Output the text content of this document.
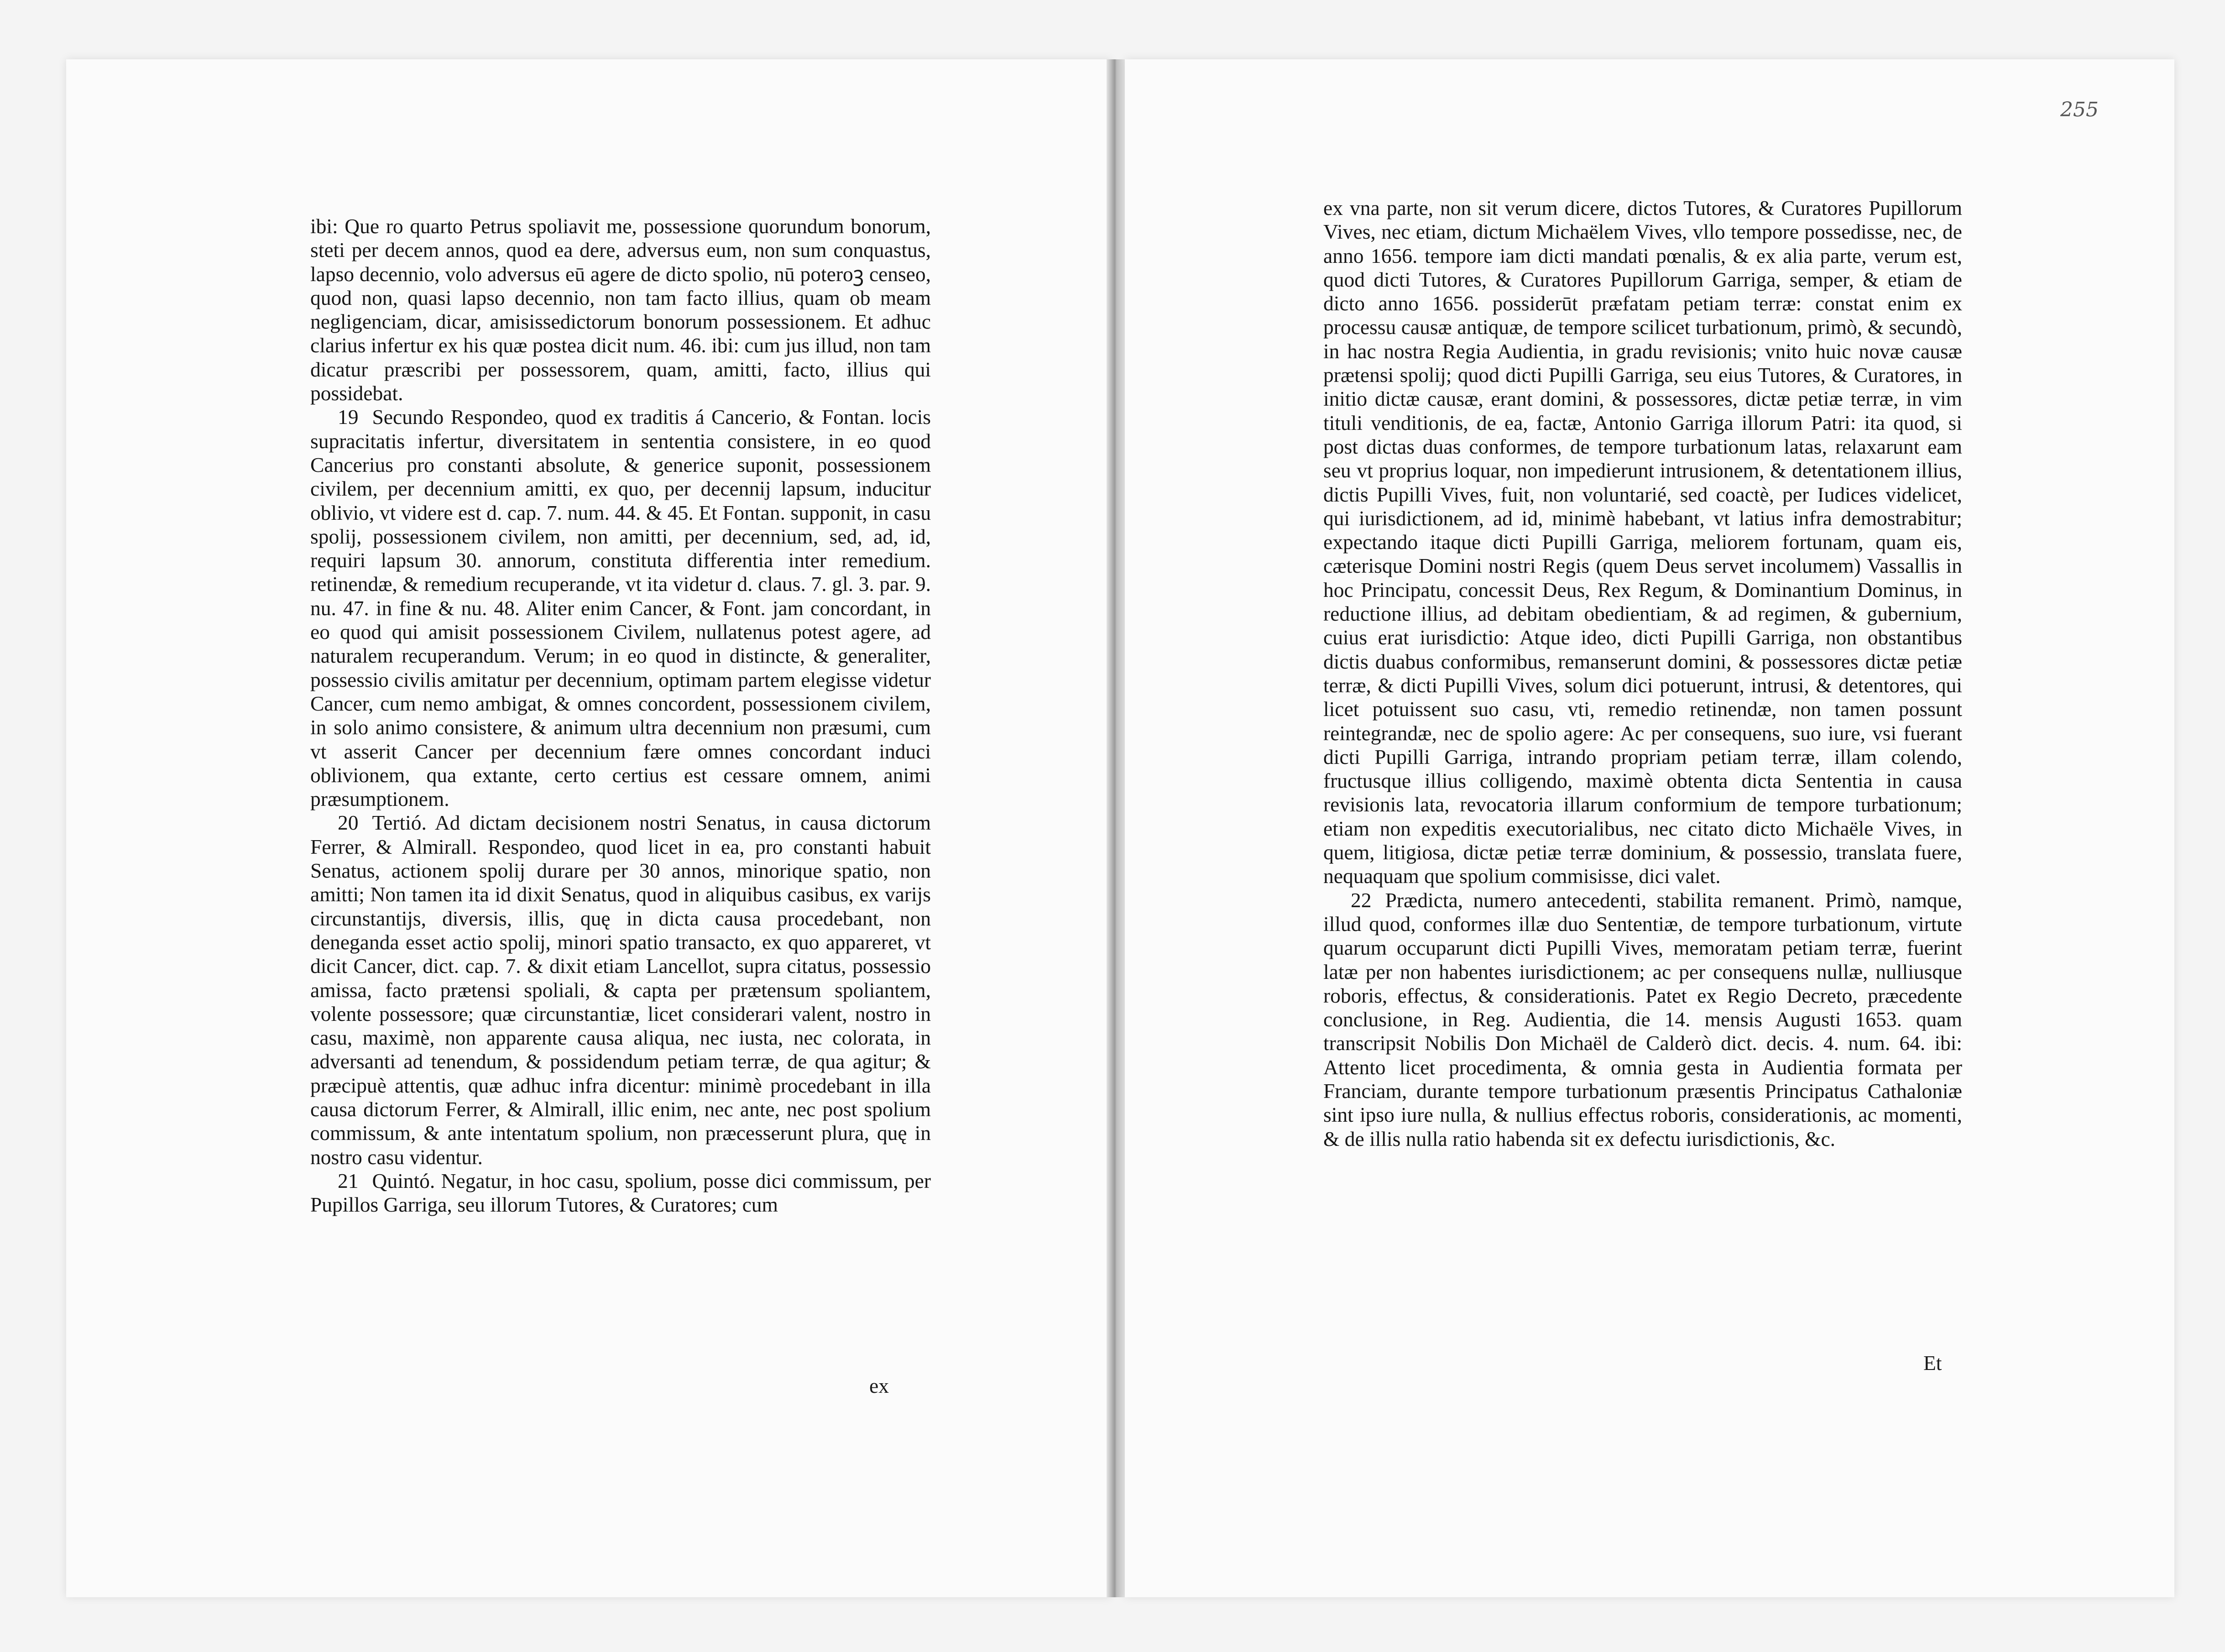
255

ibi: Que ro quarto Petrus spoliavit me, possessione quorundum bonorum, steti per decem annos, quod ea dere, adversus eum, non sum conquastus, lapso decennio, volo adversus eū agere de dicto spolio, nū poteroꝫ censeo, quod non, quasi lapso decennio, non tam facto illius, quam ob meam negligenciam, dicar, amisissedictorum bonorum possessionem. Et adhuc clarius infertur ex his quæ postea dicit num. 46. ibi: cum jus illud, non tam dicatur præscribi per possessorem, quam, amitti, facto, illius qui possidebat.

19 Secundo Respondeo, quod ex traditis á Cancerio, & Fontan. locis supracitatis infertur, diversitatem in sententia consistere, in eo quod Cancerius pro constanti absolute, & generice suponit, possessionem civilem, per decennium amitti, ex quo, per decennij lapsum, inducitur oblivio, vt videre est d. cap. 7. num. 44. & 45. Et Fontan. supponit, in casu spolij, possessionem civilem, non amitti, per decennium, sed, ad, id, requiri lapsum 30. annorum, constituta differentia inter remedium. retinendæ, & remedium recuperande, vt ita videtur d. claus. 7. gl. 3. par. 9. nu. 47. in fine & nu. 48. Aliter enim Cancer, & Font. jam concordant, in eo quod qui amisit possessionem Civilem, nullatenus potest agere, ad naturalem recuperandum. Verum; in eo quod in distincte, & generaliter, possessio civilis amitatur per decennium, optimam partem elegisse videtur Cancer, cum nemo ambigat, & omnes concordent, possessionem civilem, in solo animo consistere, & animum ultra decennium non præsumi, cum vt asserit Cancer per decennium fære omnes concordant induci oblivionem, qua extante, certo certius est cessare omnem, animi præsumptionem.

20 Tertió. Ad dictam decisionem nostri Senatus, in causa dictorum Ferrer, & Almirall. Respondeo, quod licet in ea, pro constanti habuit Senatus, actionem spolij durare per 30 annos, minorique spatio, non amitti; Non tamen ita id dixit Senatus, quod in aliquibus casibus, ex varijs circunstantijs, diversis, illis, quę in dicta causa procedebant, non deneganda esset actio spolij, minori spatio transacto, ex quo appareret, vt dicit Cancer, dict. cap. 7. & dixit etiam Lancellot, supra citatus, possessio amissa, facto prætensi spoliali, & capta per prætensum spoliantem, volente possessore; quæ circunstantiæ, licet considerari valent, nostro in casu, maximè, non apparente causa aliqua, nec iusta, nec colorata, in adversanti ad tenendum, & possidendum petiam terræ, de qua agitur; & præcipuè attentis, quæ adhuc infra dicentur: minimè procedebant in illa causa dictorum Ferrer, & Almirall, illic enim, nec ante, nec post spolium commissum, & ante intentatum spolium, non præcesserunt plura, quę in nostro casu videntur.

21 Quintó. Negatur, in hoc casu, spolium, posse dici commissum, per Pupillos Garriga, seu illorum Tutores, & Curatores; cum

ex

ex vna parte, non sit verum dicere, dictos Tutores, & Curatores Pupillorum Vives, nec etiam, dictum Michaëlem Vives, vllo tempore possedisse, nec, de anno 1656. tempore iam dicti mandati pœnalis, & ex alia parte, verum est, quod dicti Tutores, & Curatores Pupillorum Garriga, semper, & etiam de dicto anno 1656. possiderūt præfatam petiam terræ: constat enim ex processu causæ antiquæ, de tempore scilicet turbationum, primò, & secundò, in hac nostra Regia Audientia, in gradu revisionis; vnito huic novæ causæ prætensi spolij; quod dicti Pupilli Garriga, seu eius Tutores, & Curatores, in initio dictæ causæ, erant domini, & possessores, dictæ petiæ terræ, in vim tituli venditionis, de ea, factæ, Antonio Garriga illorum Patri: ita quod, si post dictas duas conformes, de tempore turbationum latas, relaxarunt eam seu vt proprius loquar, non impedierunt intrusionem, & detentationem illius, dictis Pupilli Vives, fuit, non voluntarié, sed coactè, per Iudices videlicet, qui iurisdictionem, ad id, minimè habebant, vt latius infra demostrabitur; expectando itaque dicti Pupilli Garriga, meliorem fortunam, quam eis, cæterisque Domini nostri Regis (quem Deus servet incolumem) Vassallis in hoc Principatu, concessit Deus, Rex Regum, & Dominantium Dominus, in reductione illius, ad debitam obedientiam, & ad regimen, & gubernium, cuius erat iurisdictio: Atque ideo, dicti Pupilli Garriga, non obstantibus dictis duabus conformibus, remanserunt domini, & possessores dictæ petiæ terræ, & dicti Pupilli Vives, solum dici potuerunt, intrusi, & detentores, qui licet potuissent suo casu, vti, remedio retinendæ, non tamen possunt reintegrandæ, nec de spolio agere: Ac per consequens, suo iure, vsi fuerant dicti Pupilli Garriga, intrando propriam petiam terræ, illam colendo, fructusque illius colligendo, maximè obtenta dicta Sententia in causa revisionis lata, revocatoria illarum conformium de tempore turbationum; etiam non expeditis executorialibus, nec citato dicto Michaële Vives, in quem, litigiosa, dictæ petiæ terræ dominium, & possessio, translata fuere, nequaquam que spolium commisisse, dici valet.

22 Prædicta, numero antecedenti, stabilita remanent. Primò, namque, illud quod, conformes illæ duo Sententiæ, de tempore turbationum, virtute quarum occuparunt dicti Pupilli Vives, memoratam petiam terræ, fuerint latæ per non habentes iurisdictionem; ac per consequens nullæ, nulliusque roboris, effectus, & considerationis. Patet ex Regio Decreto, præcedente conclusione, in Reg. Audientia, die 14. mensis Augusti 1653. quam transcripsit Nobilis Don Michaël de Calderò dict. decis. 4. num. 64. ibi: Attento licet procedimenta, & omnia gesta in Audientia formata per Franciam, durante tempore turbationum præsentis Principatus Cathaloniæ sint ipso iure nulla, & nullius effectus roboris, considerationis, ac momenti, & de illis nulla ratio habenda sit ex defectu iurisdictionis, &c.

Et
